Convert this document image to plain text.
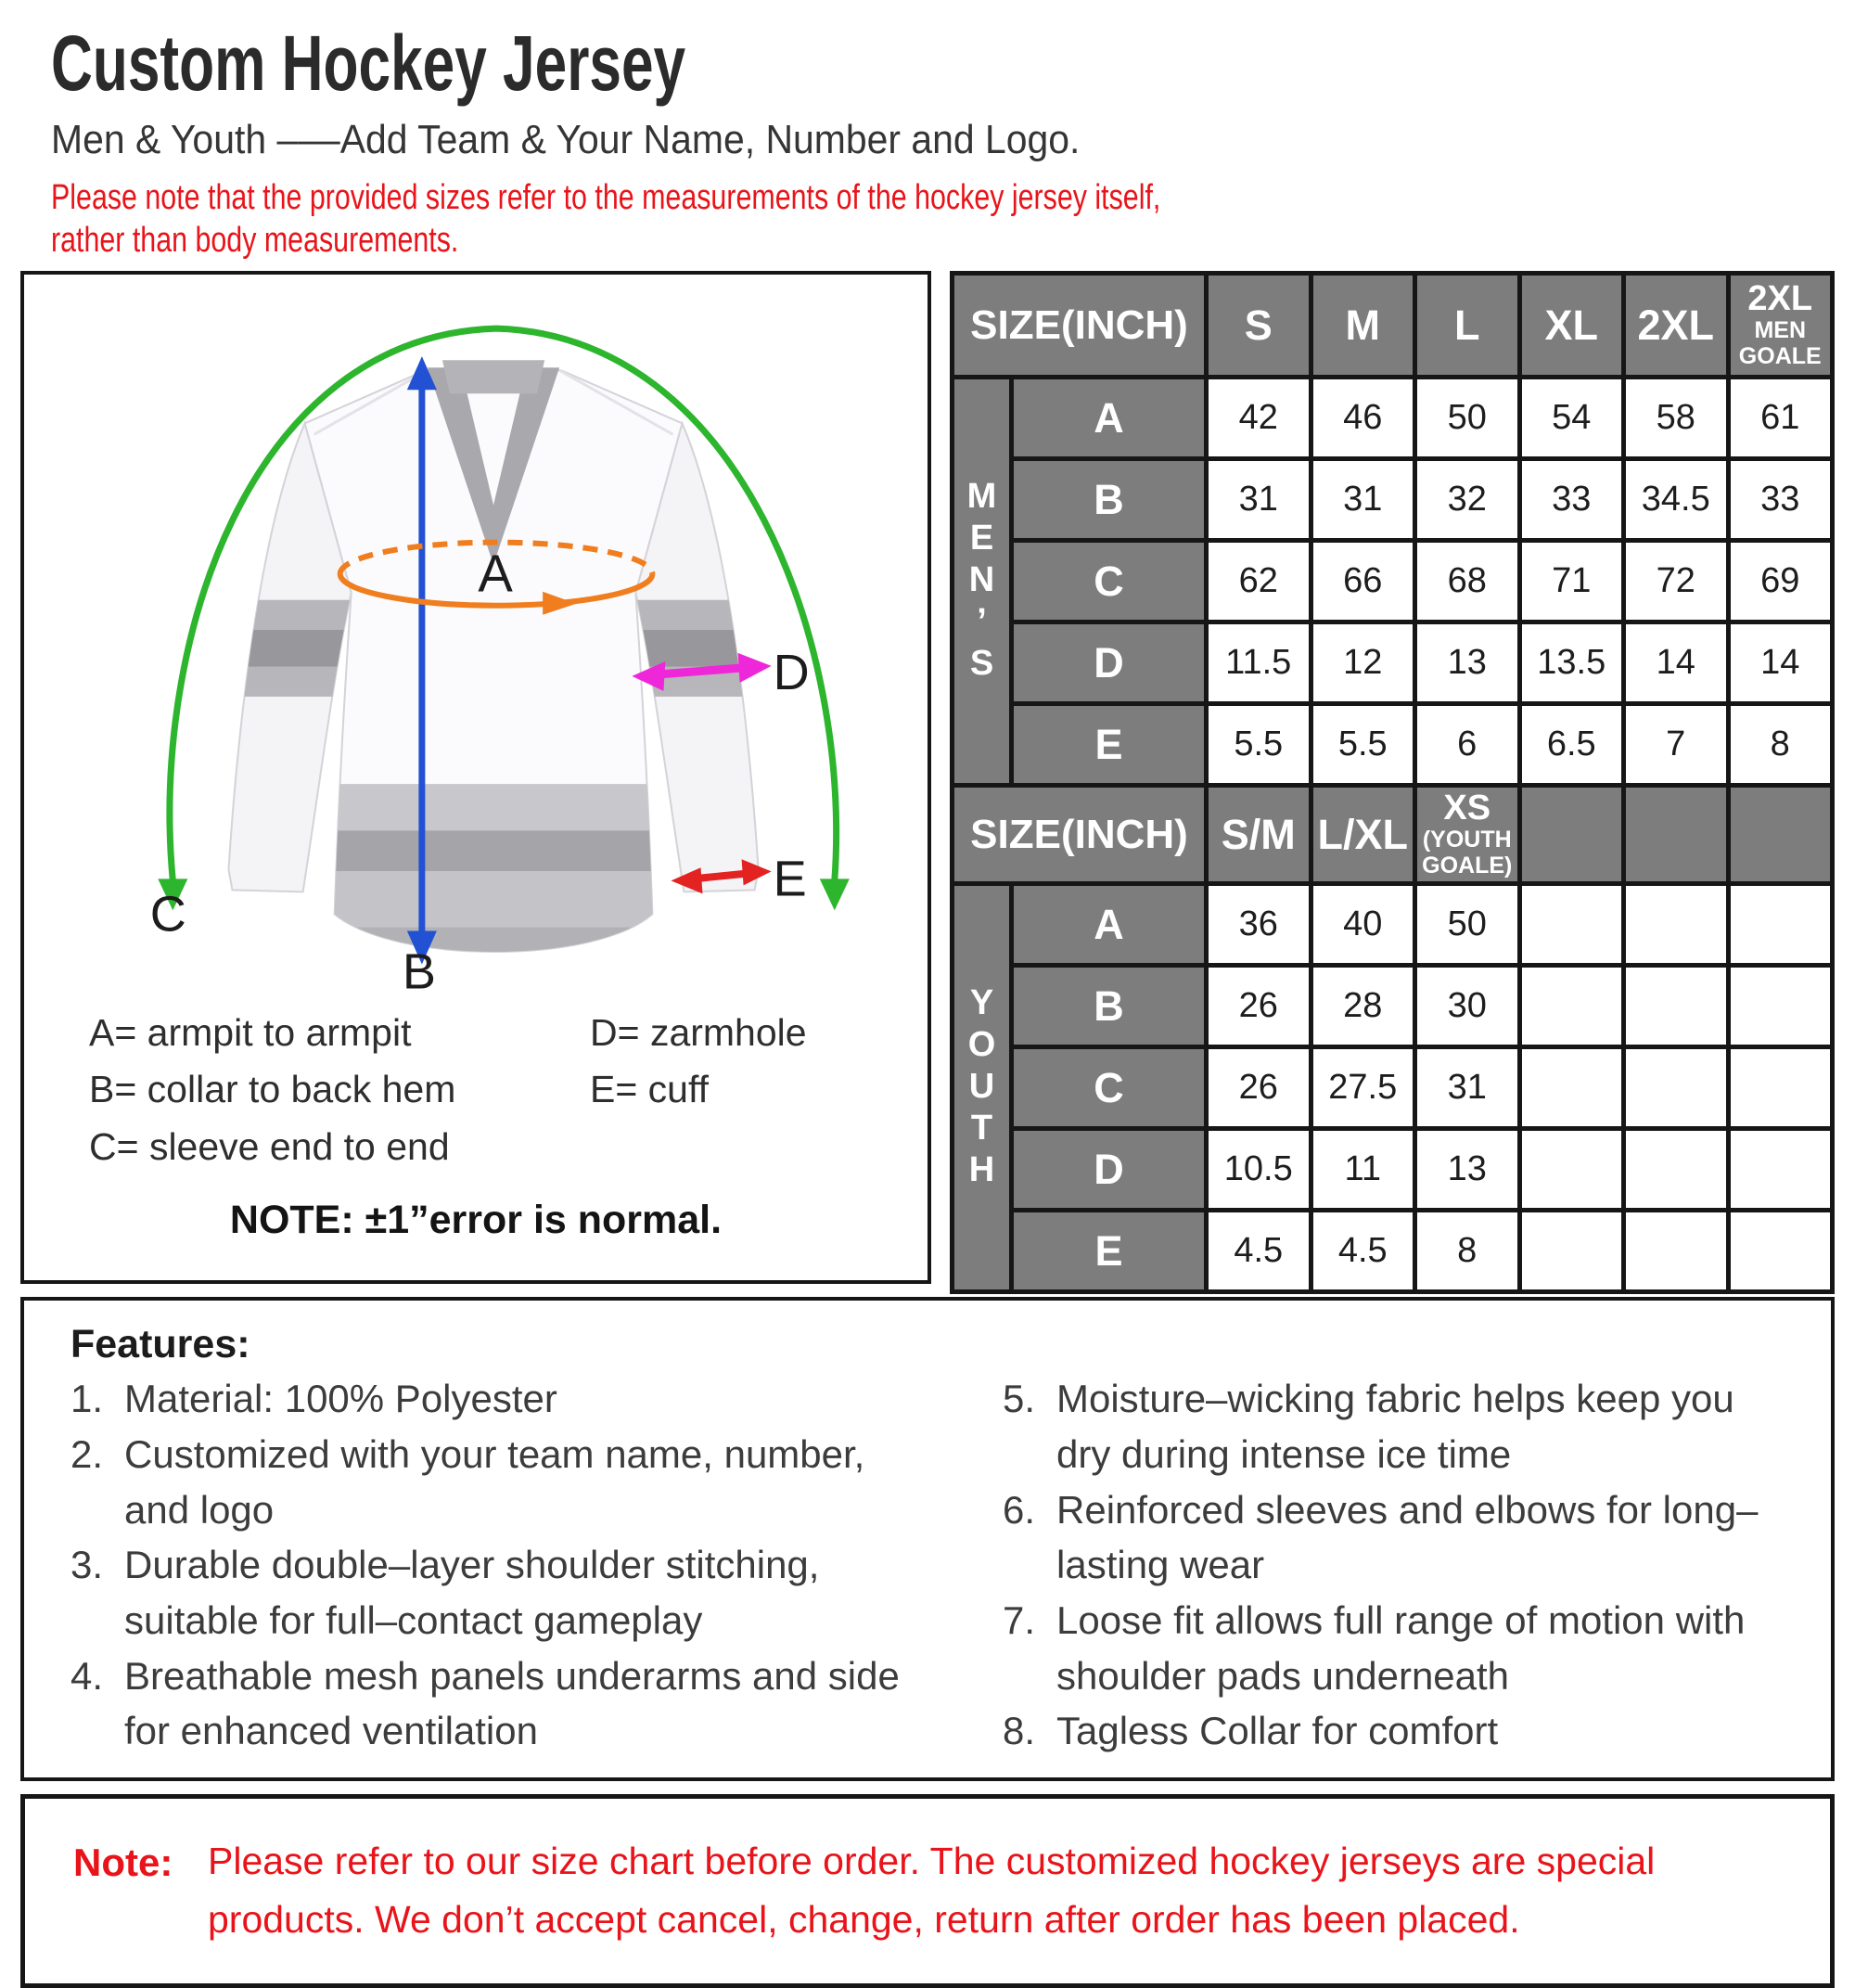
Custom Hockey Jersey
Men & Youth –––Add Team & Your Name, Number and Logo.
Please note that the provided sizes refer to the measurements of the hockey jersey itself,
rather than body measurements.
A
B
C
D
E
A= armpit to armpit
B= collar to back hem
C= sleeve end to end
D= zarmhole
E= cuff
NOTE: ±1”error is normal.
SIZE(INCH)		S	M	L	XL	2XL	2XL
MEN
GOALE

MEN’S	A	42	46	50	54	58	61
	B	31	31	32	33	34.5	33
	C	62	66	68	71	72	69
	D	11.5	12	13	13.5	14	14
	E	5.5	5.5	6	6.5	7	8
SIZE(INCH)		S/M	L/XL	XS
(YOUTH
GOALE)			

YOUTH	A	36	40	50			
	B	26	28	30			
	C	26	27.5	31			
	D	10.5	11	13			
	E	4.5	4.5	8			
Features:
1. Material: 100% Polyester
2. Customized with your team name, number, and logo
3. Durable double–layer shoulder stitching, suitable for full–contact gameplay
4. Breathable mesh panels underarms and side for enhanced ventilation
5. Moisture–wicking fabric helps keep you dry during intense ice time
6. Reinforced sleeves and elbows for long–lasting wear
7. Loose fit allows full range of motion with shoulder pads underneath
8. Tagless Collar for comfort
Note: Please refer to our size chart before order. The customized hockey jerseys are special products. We don’t accept cancel, change, return after order has been placed.
